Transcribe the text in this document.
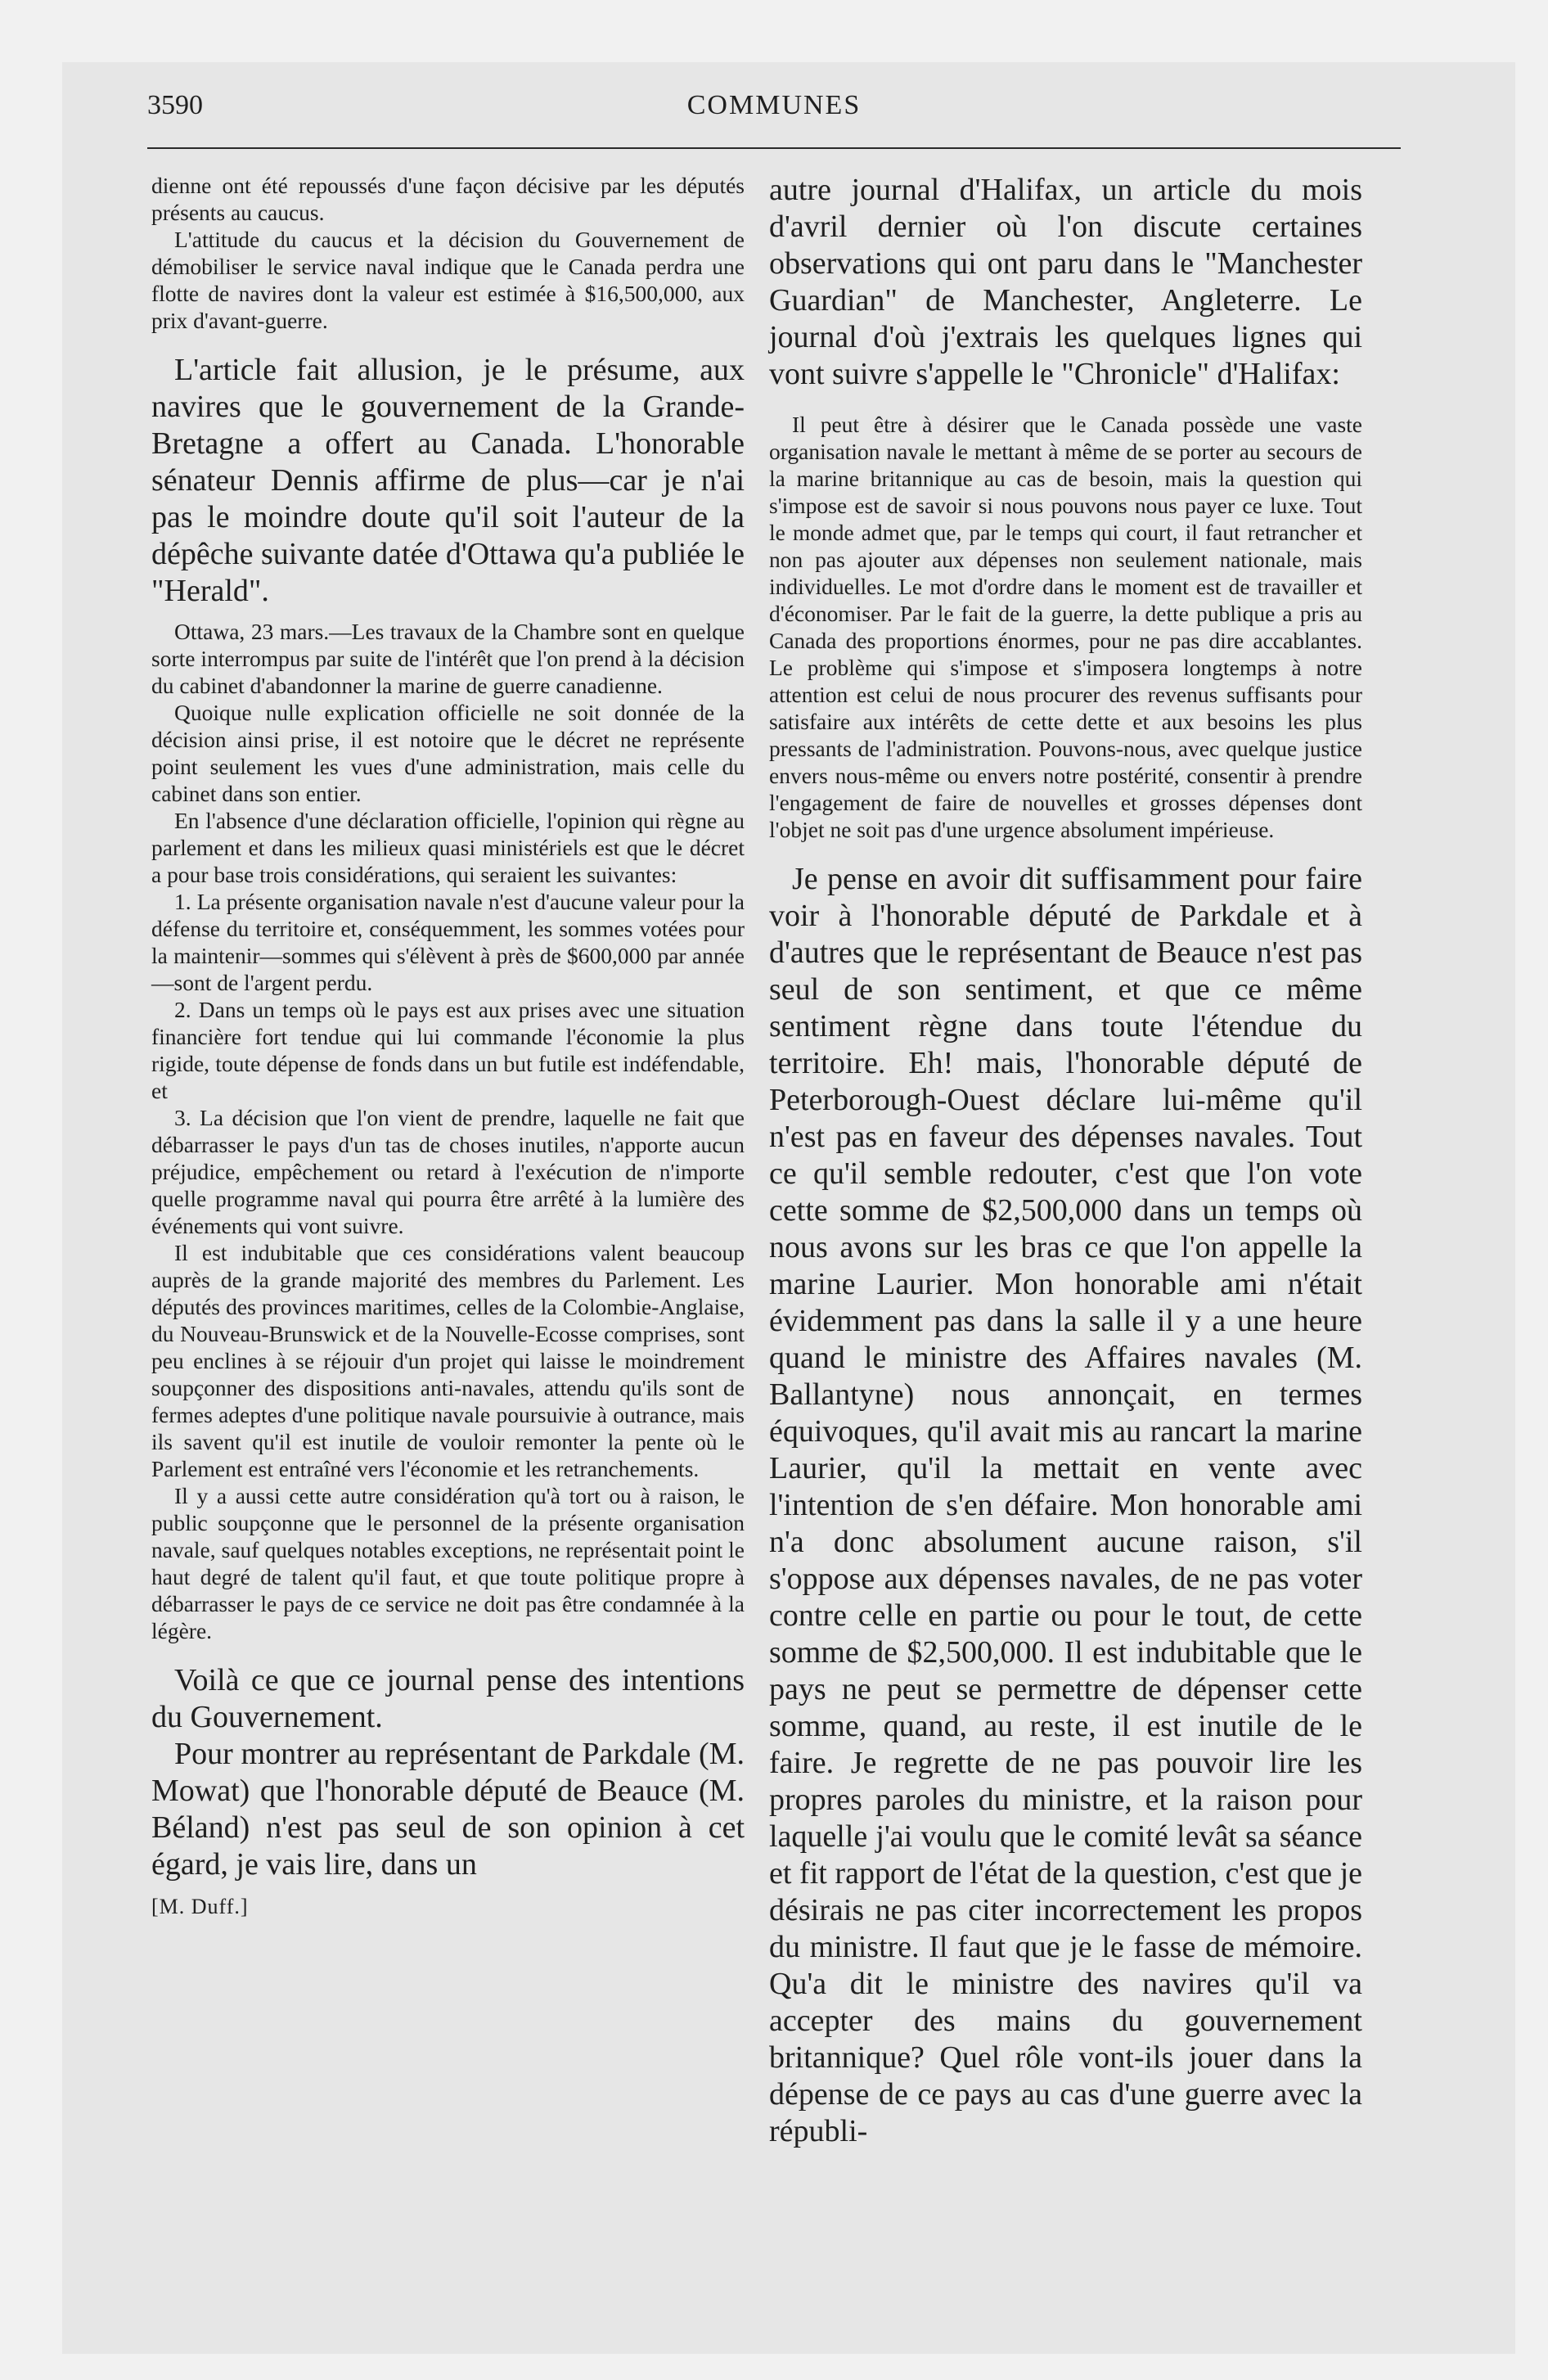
3590	COMMUNES

dienne ont été repoussés d'une façon décisive par les députés présents au caucus.

L'attitude du caucus et la décision du Gouvernement de démobiliser le service naval indique que le Canada perdra une flotte de navires dont la valeur est estimée à $16,500,000, aux prix d'avant-guerre.

L'article fait allusion, je le présume, aux navires que le gouvernement de la Grande-Bretagne a offert au Canada. L'honorable sénateur Dennis affirme de plus—car je n'ai pas le moindre doute qu'il soit l'auteur de la dépêche suivante datée d'Ottawa qu'a publiée le "Herald".

Ottawa, 23 mars.—Les travaux de la Chambre sont en quelque sorte interrompus par suite de l'intérêt que l'on prend à la décision du cabinet d'abandonner la marine de guerre canadienne.

Quoique nulle explication officielle ne soit donnée de la décision ainsi prise, il est notoire que le décret ne représente point seulement les vues d'une administration, mais celle du cabinet dans son entier.

En l'absence d'une déclaration officielle, l'opinion qui règne au parlement et dans les milieux quasi ministériels est que le décret a pour base trois considérations, qui seraient les suivantes:

1. La présente organisation navale n'est d'aucune valeur pour la défense du territoire et, conséquemment, les sommes votées pour la maintenir—sommes qui s'élèvent à près de $600,000 par année—sont de l'argent perdu.

2. Dans un temps où le pays est aux prises avec une situation financière fort tendue qui lui commande l'économie la plus rigide, toute dépense de fonds dans un but futile est indéfendable, et

3. La décision que l'on vient de prendre, laquelle ne fait que débarrasser le pays d'un tas de choses inutiles, n'apporte aucun préjudice, empêchement ou retard à l'exécution de n'importe quelle programme naval qui pourra être arrêté à la lumière des événements qui vont suivre.

Il est indubitable que ces considérations valent beaucoup auprès de la grande majorité des membres du Parlement. Les députés des provinces maritimes, celles de la Colombie-Anglaise, du Nouveau-Brunswick et de la Nouvelle-Ecosse comprises, sont peu enclines à se réjouir d'un projet qui laisse le moindrement soupçonner des dispositions anti-navales, attendu qu'ils sont de fermes adeptes d'une politique navale poursuivie à outrance, mais ils savent qu'il est inutile de vouloir remonter la pente où le Parlement est entraîné vers l'économie et les retranchements.

Il y a aussi cette autre considération qu'à tort ou à raison, le public soupçonne que le personnel de la présente organisation navale, sauf quelques notables exceptions, ne représentait point le haut degré de talent qu'il faut, et que toute politique propre à débarrasser le pays de ce service ne doit pas être condamnée à la légère.

Voilà ce que ce journal pense des intentions du Gouvernement.

Pour montrer au représentant de Parkdale (M. Mowat) que l'honorable député de Beauce (M. Béland) n'est pas seul de son opinion à cet égard, je vais lire, dans un

[M. Duff.]

autre journal d'Halifax, un article du mois d'avril dernier où l'on discute certaines observations qui ont paru dans le "Manchester Guardian" de Manchester, Angleterre. Le journal d'où j'extrais les quelques lignes qui vont suivre s'appelle le "Chronicle" d'Halifax:

Il peut être à désirer que le Canada possède une vaste organisation navale le mettant à même de se porter au secours de la marine britannique au cas de besoin, mais la question qui s'impose est de savoir si nous pouvons nous payer ce luxe. Tout le monde admet que, par le temps qui court, il faut retrancher et non pas ajouter aux dépenses non seulement nationale, mais individuelles. Le mot d'ordre dans le moment est de travailler et d'économiser. Par le fait de la guerre, la dette publique a pris au Canada des proportions énormes, pour ne pas dire accablantes. Le problème qui s'impose et s'imposera longtemps à notre attention est celui de nous procurer des revenus suffisants pour satisfaire aux intérêts de cette dette et aux besoins les plus pressants de l'administration. Pouvons-nous, avec quelque justice envers nous-même ou envers notre postérité, consentir à prendre l'engagement de faire de nouvelles et grosses dépenses dont l'objet ne soit pas d'une urgence absolument impérieuse.

Je pense en avoir dit suffisamment pour faire voir à l'honorable député de Parkdale et à d'autres que le représentant de Beauce n'est pas seul de son sentiment, et que ce même sentiment règne dans toute l'étendue du territoire. Eh! mais, l'honorable député de Peterborough-Ouest déclare lui-même qu'il n'est pas en faveur des dépenses navales. Tout ce qu'il semble redouter, c'est que l'on vote cette somme de $2,500,000 dans un temps où nous avons sur les bras ce que l'on appelle la marine Laurier. Mon honorable ami n'était évidemment pas dans la salle il y a une heure quand le ministre des Affaires navales (M. Ballantyne) nous annonçait, en termes équivoques, qu'il avait mis au rancart la marine Laurier, qu'il la mettait en vente avec l'intention de s'en défaire. Mon honorable ami n'a donc absolument aucune raison, s'il s'oppose aux dépenses navales, de ne pas voter contre celle en partie ou pour le tout, de cette somme de $2,500,000. Il est indubitable que le pays ne peut se permettre de dépenser cette somme, quand, au reste, il est inutile de le faire. Je regrette de ne pas pouvoir lire les propres paroles du ministre, et la raison pour laquelle j'ai voulu que le comité levât sa séance et fit rapport de l'état de la question, c'est que je désirais ne pas citer incorrectement les propos du ministre. Il faut que je le fasse de mémoire. Qu'a dit le ministre des navires qu'il va accepter des mains du gouvernement britannique? Quel rôle vont-ils jouer dans la dépense de ce pays au cas d'une guerre avec la républi-
